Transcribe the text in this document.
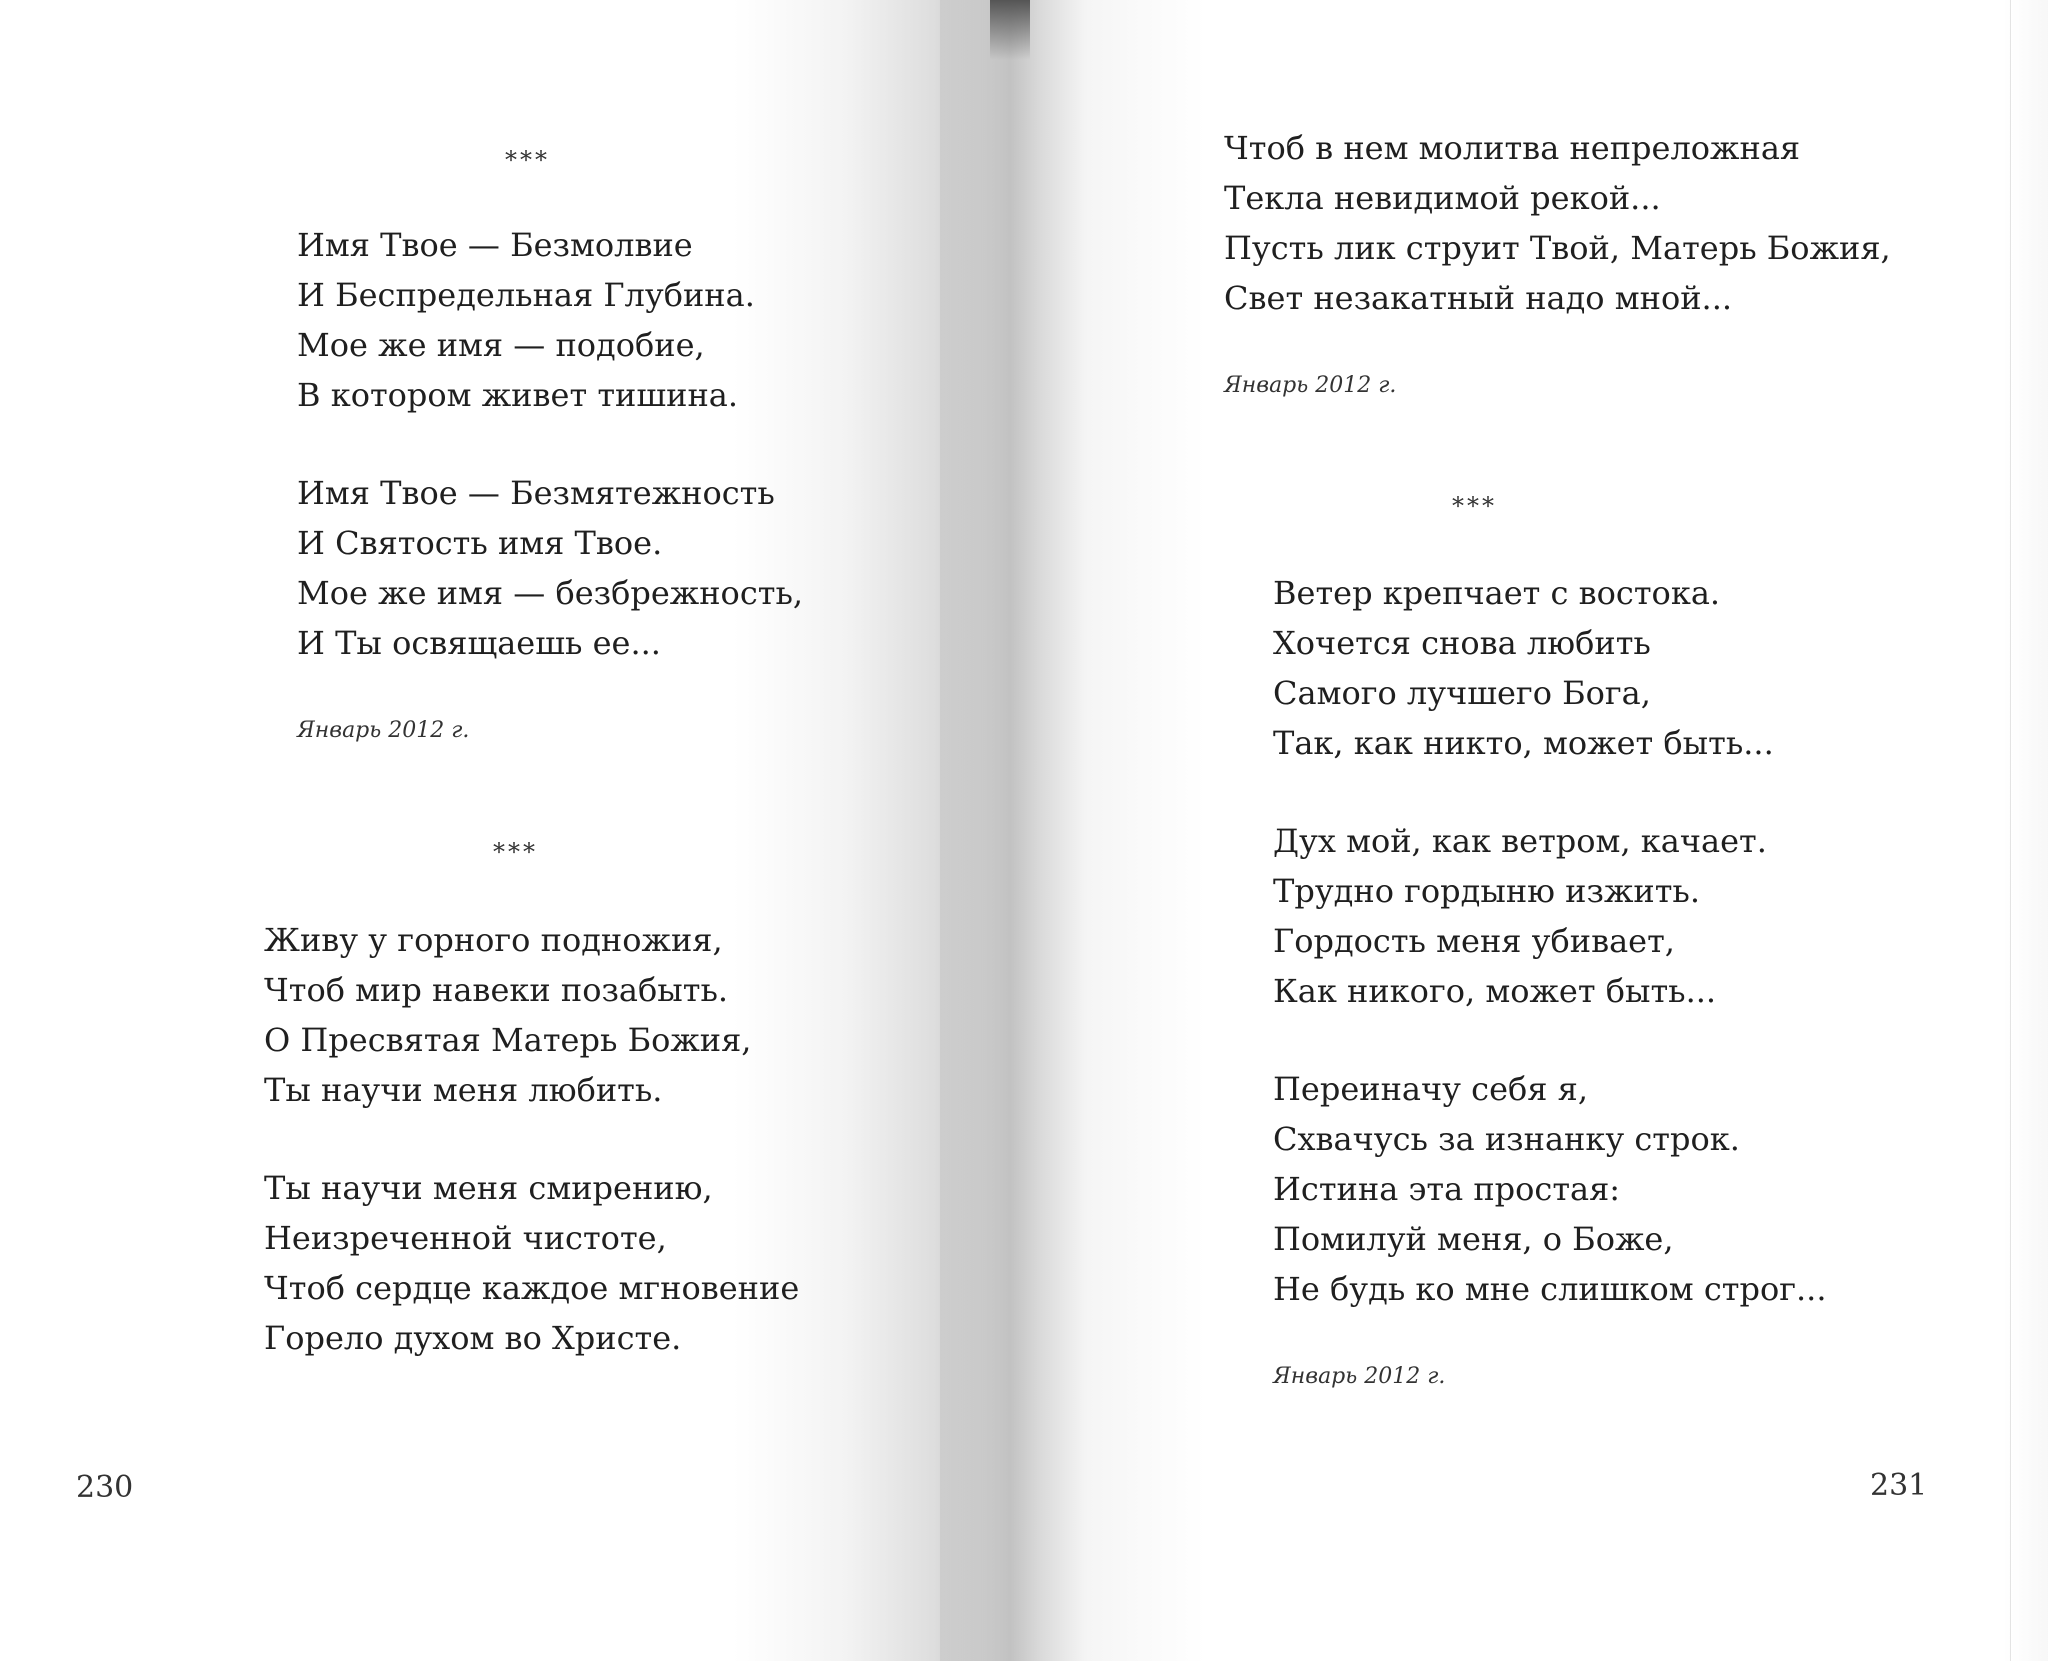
***
Имя Твое — Безмолвие
И Беспредельная Глубина.
Мое же имя — подобие,
В котором живет тишина.
Имя Твое — Безмятежность
И Святость имя Твое.
Мое же имя — безбрежность,
И Ты освящаешь ее...
Январь 2012 г.
***
Живу у горного подножия,
Чтоб мир навеки позабыть.
О Пресвятая Матерь Божия,
Ты научи меня любить.
Ты научи меня смирению,
Неизреченной чистоте,
Чтоб сердце каждое мгновение
Горело духом во Христе.
230
Чтоб в нем молитва непреложная
Текла невидимой рекой...
Пусть лик струит Твой, Матерь Божия,
Свет незакатный надо мной...
Январь 2012 г.
***
Ветер крепчает с востока.
Хочется снова любить
Самого лучшего Бога,
Так, как никто, может быть...
Дух мой, как ветром, качает.
Трудно гордыню изжить.
Гордость меня убивает,
Как никого, может быть...
Переиначу себя я,
Схвачусь за изнанку строк.
Истина эта простая:
Помилуй меня, о Боже,
Не будь ко мне слишком строг...
Январь 2012 г.
231
